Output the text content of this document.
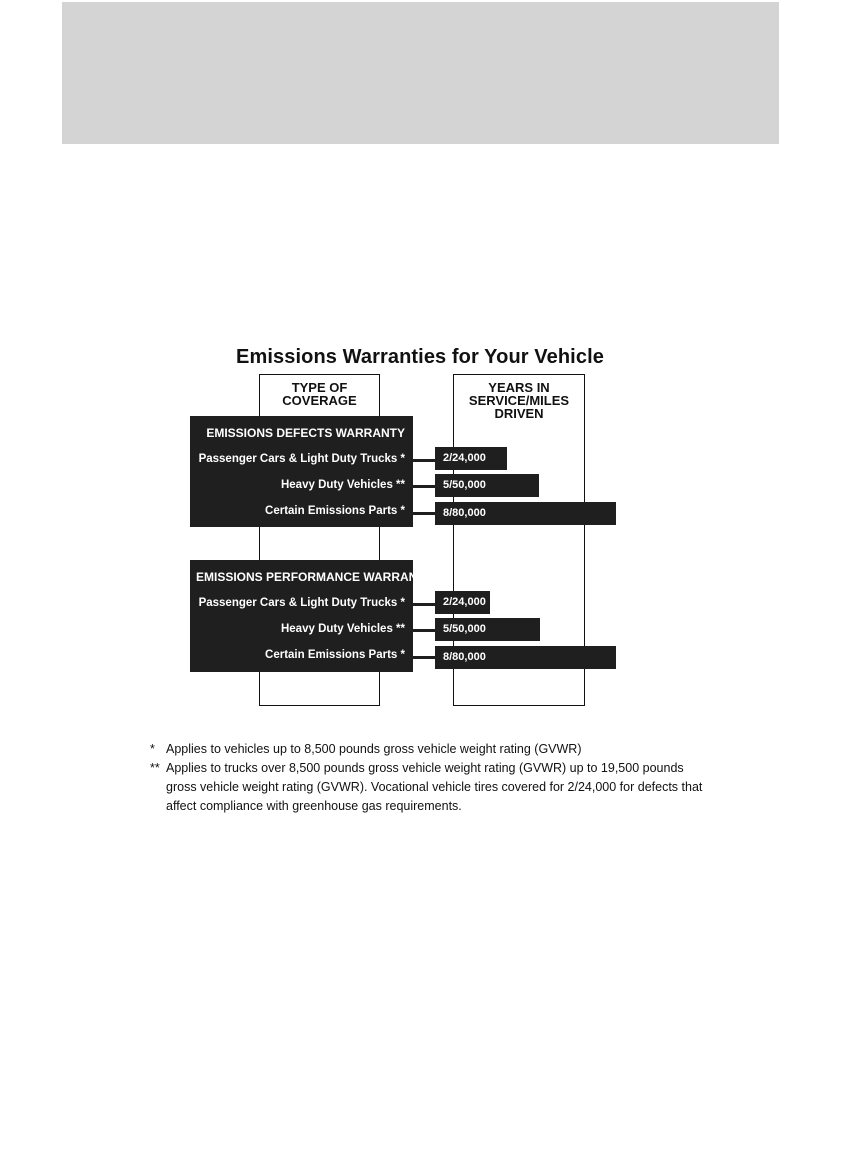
Emissions Warranties for Your Vehicle
TYPE OF
COVERAGE
YEARS IN
SERVICE/MILES
DRIVEN
EMISSIONS DEFECTS WARRANTY
Passenger Cars & Light Duty Trucks *
Heavy Duty Vehicles **
Certain Emissions Parts *
2/24,000
5/50,000
8/80,000
EMISSIONS PERFORMANCE WARRANTY
Passenger Cars & Light Duty Trucks *
Heavy Duty Vehicles **
Certain Emissions Parts *
2/24,000
5/50,000
8/80,000
* Applies to vehicles up to 8,500 pounds gross vehicle weight rating (GVWR)
** Applies to trucks over 8,500 pounds gross vehicle weight rating (GVWR) up to 19,500 pounds gross vehicle weight rating (GVWR). Vocational vehicle tires covered for 2/24,000 for defects that affect compliance with greenhouse gas requirements.
